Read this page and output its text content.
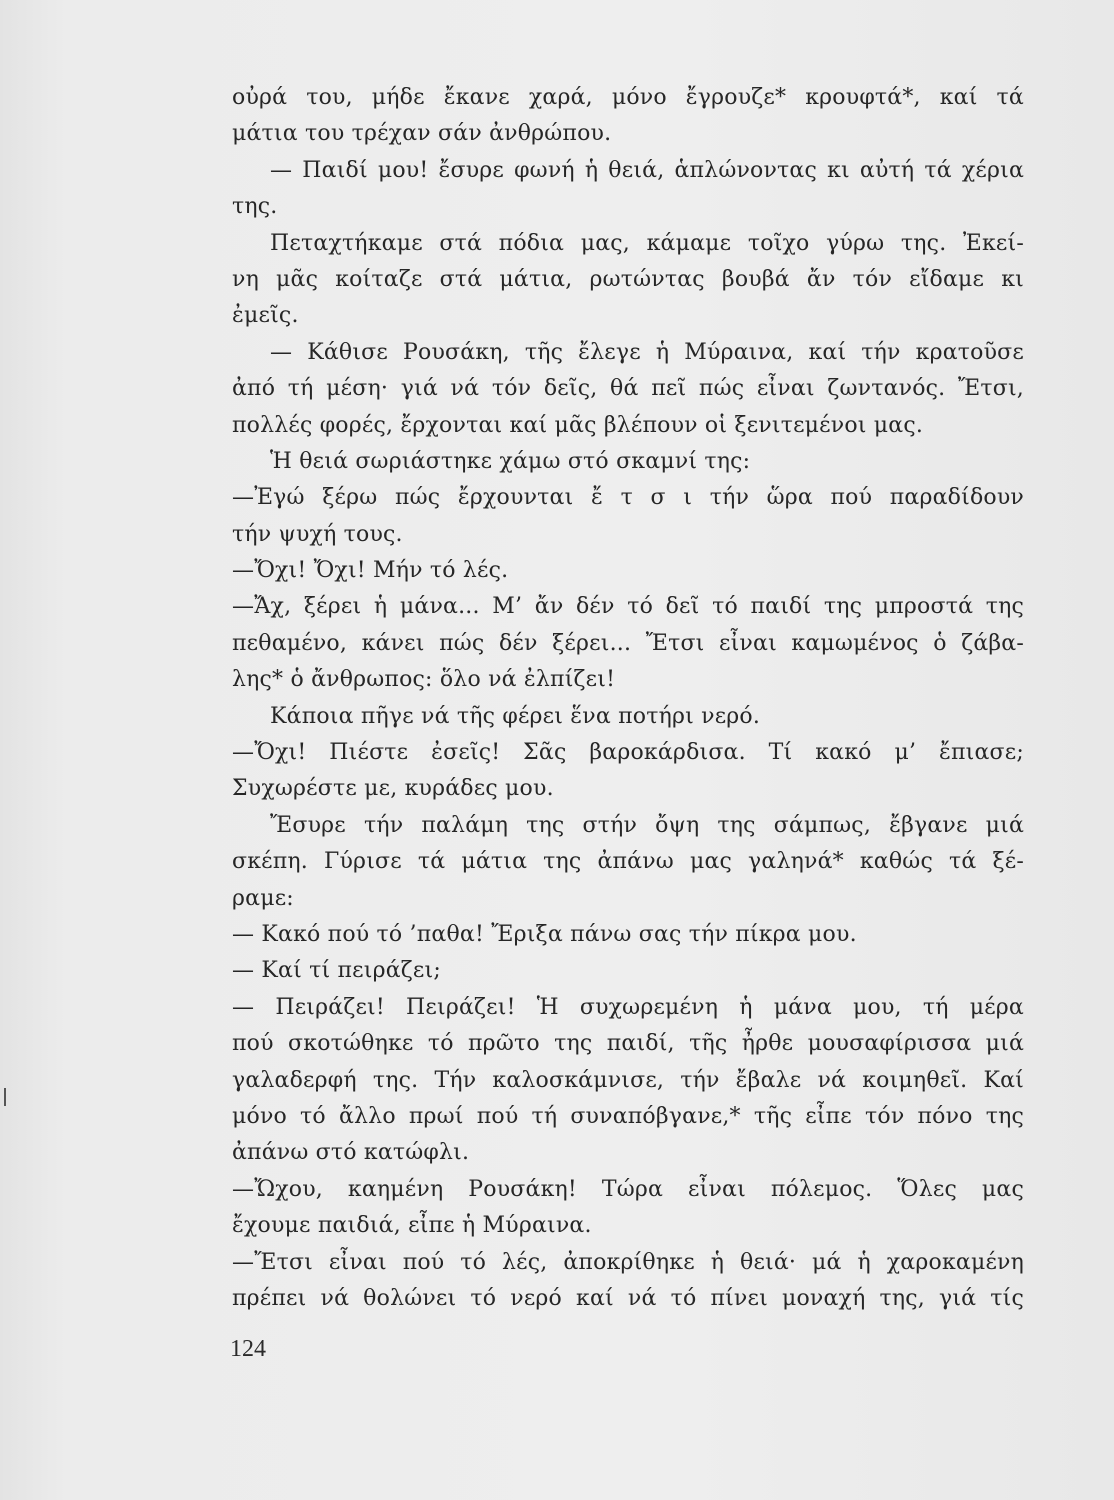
οὐρά του, μήδε ἔκανε χαρά, μόνο ἔγρουζε* κρουφτά*, καί τά
μάτια του τρέχαν σάν ἀνθρώπου.
— Παιδί μου! ἔσυρε φωνή ἡ θειά, ἁπλώνοντας κι αὐτή τά χέρια
της.
Πεταχτήκαμε στά πόδια μας, κάμαμε τοῖχο γύρω της. Ἐκεί-
νη μᾶς κοίταζε στά μάτια, ρωτώντας βουβά ἄν τόν εἴδαμε κι
ἐμεῖς.
— Κάθισε Ρουσάκη, τῆς ἔλεγε ἡ Μύραινα, καί τήν κρατοῦσε
ἀπό τή μέση· γιά νά τόν δεῖς, θά πεῖ πώς εἶναι ζωντανός. Ἔτσι,
πολλές φορές, ἔρχονται καί μᾶς βλέπουν οἱ ξενιτεμένοι μας.
Ἡ θειά σωριάστηκε χάμω στό σκαμνί της:
—Ἐγώ ξέρω πώς ἔρχουνται ἔ τ σ ι τήν ὥρα πού παραδίδουν
τήν ψυχή τους.
—Ὄχι! Ὄχι! Μήν τό λές.
—Ἄχ, ξέρει ἡ μάνα... Μ’ ἄν δέν τό δεῖ τό παιδί της μπροστά της
πεθαμένο, κάνει πώς δέν ξέρει... Ἔτσι εἶναι καμωμένος ὁ ζάβα-
λης* ὁ ἄνθρωπος: ὅλο νά ἐλπίζει!
Κάποια πῆγε νά τῆς φέρει ἕνα ποτήρι νερό.
—Ὄχι! Πιέστε ἐσεῖς! Σᾶς βαροκάρδισα. Τί κακό μ’ ἔπιασε;
Συχωρέστε με, κυράδες μου.
Ἔσυρε τήν παλάμη της στήν ὄψη της σάμπως, ἔβγανε μιά
σκέπη. Γύρισε τά μάτια της ἀπάνω μας γαληνά* καθώς τά ξέ-
ραμε:
— Κακό πού τό ’παθα! Ἔριξα πάνω σας τήν πίκρα μου.
— Καί τί πειράζει;
— Πειράζει! Πειράζει! Ἡ συχωρεμένη ἡ μάνα μου, τή μέρα
πού σκοτώθηκε τό πρῶτο της παιδί, τῆς ἦρθε μουσαφίρισσα μιά
γαλαδερφή της. Τήν καλοσκάμνισε, τήν ἔβαλε νά κοιμηθεῖ. Καί
μόνο τό ἄλλο πρωί πού τή συναπόβγανε,* τῆς εἶπε τόν πόνο της
ἀπάνω στό κατώφλι.
—Ὤχου, καημένη Ρουσάκη! Τώρα εἶναι πόλεμος. Ὅλες μας
ἔχουμε παιδιά, εἶπε ἡ Μύραινα.
—Ἔτσι εἶναι πού τό λές, ἀποκρίθηκε ἡ θειά· μά ἡ χαροκαμένη
πρέπει νά θολώνει τό νερό καί νά τό πίνει μοναχή της, γιά τίς
124
